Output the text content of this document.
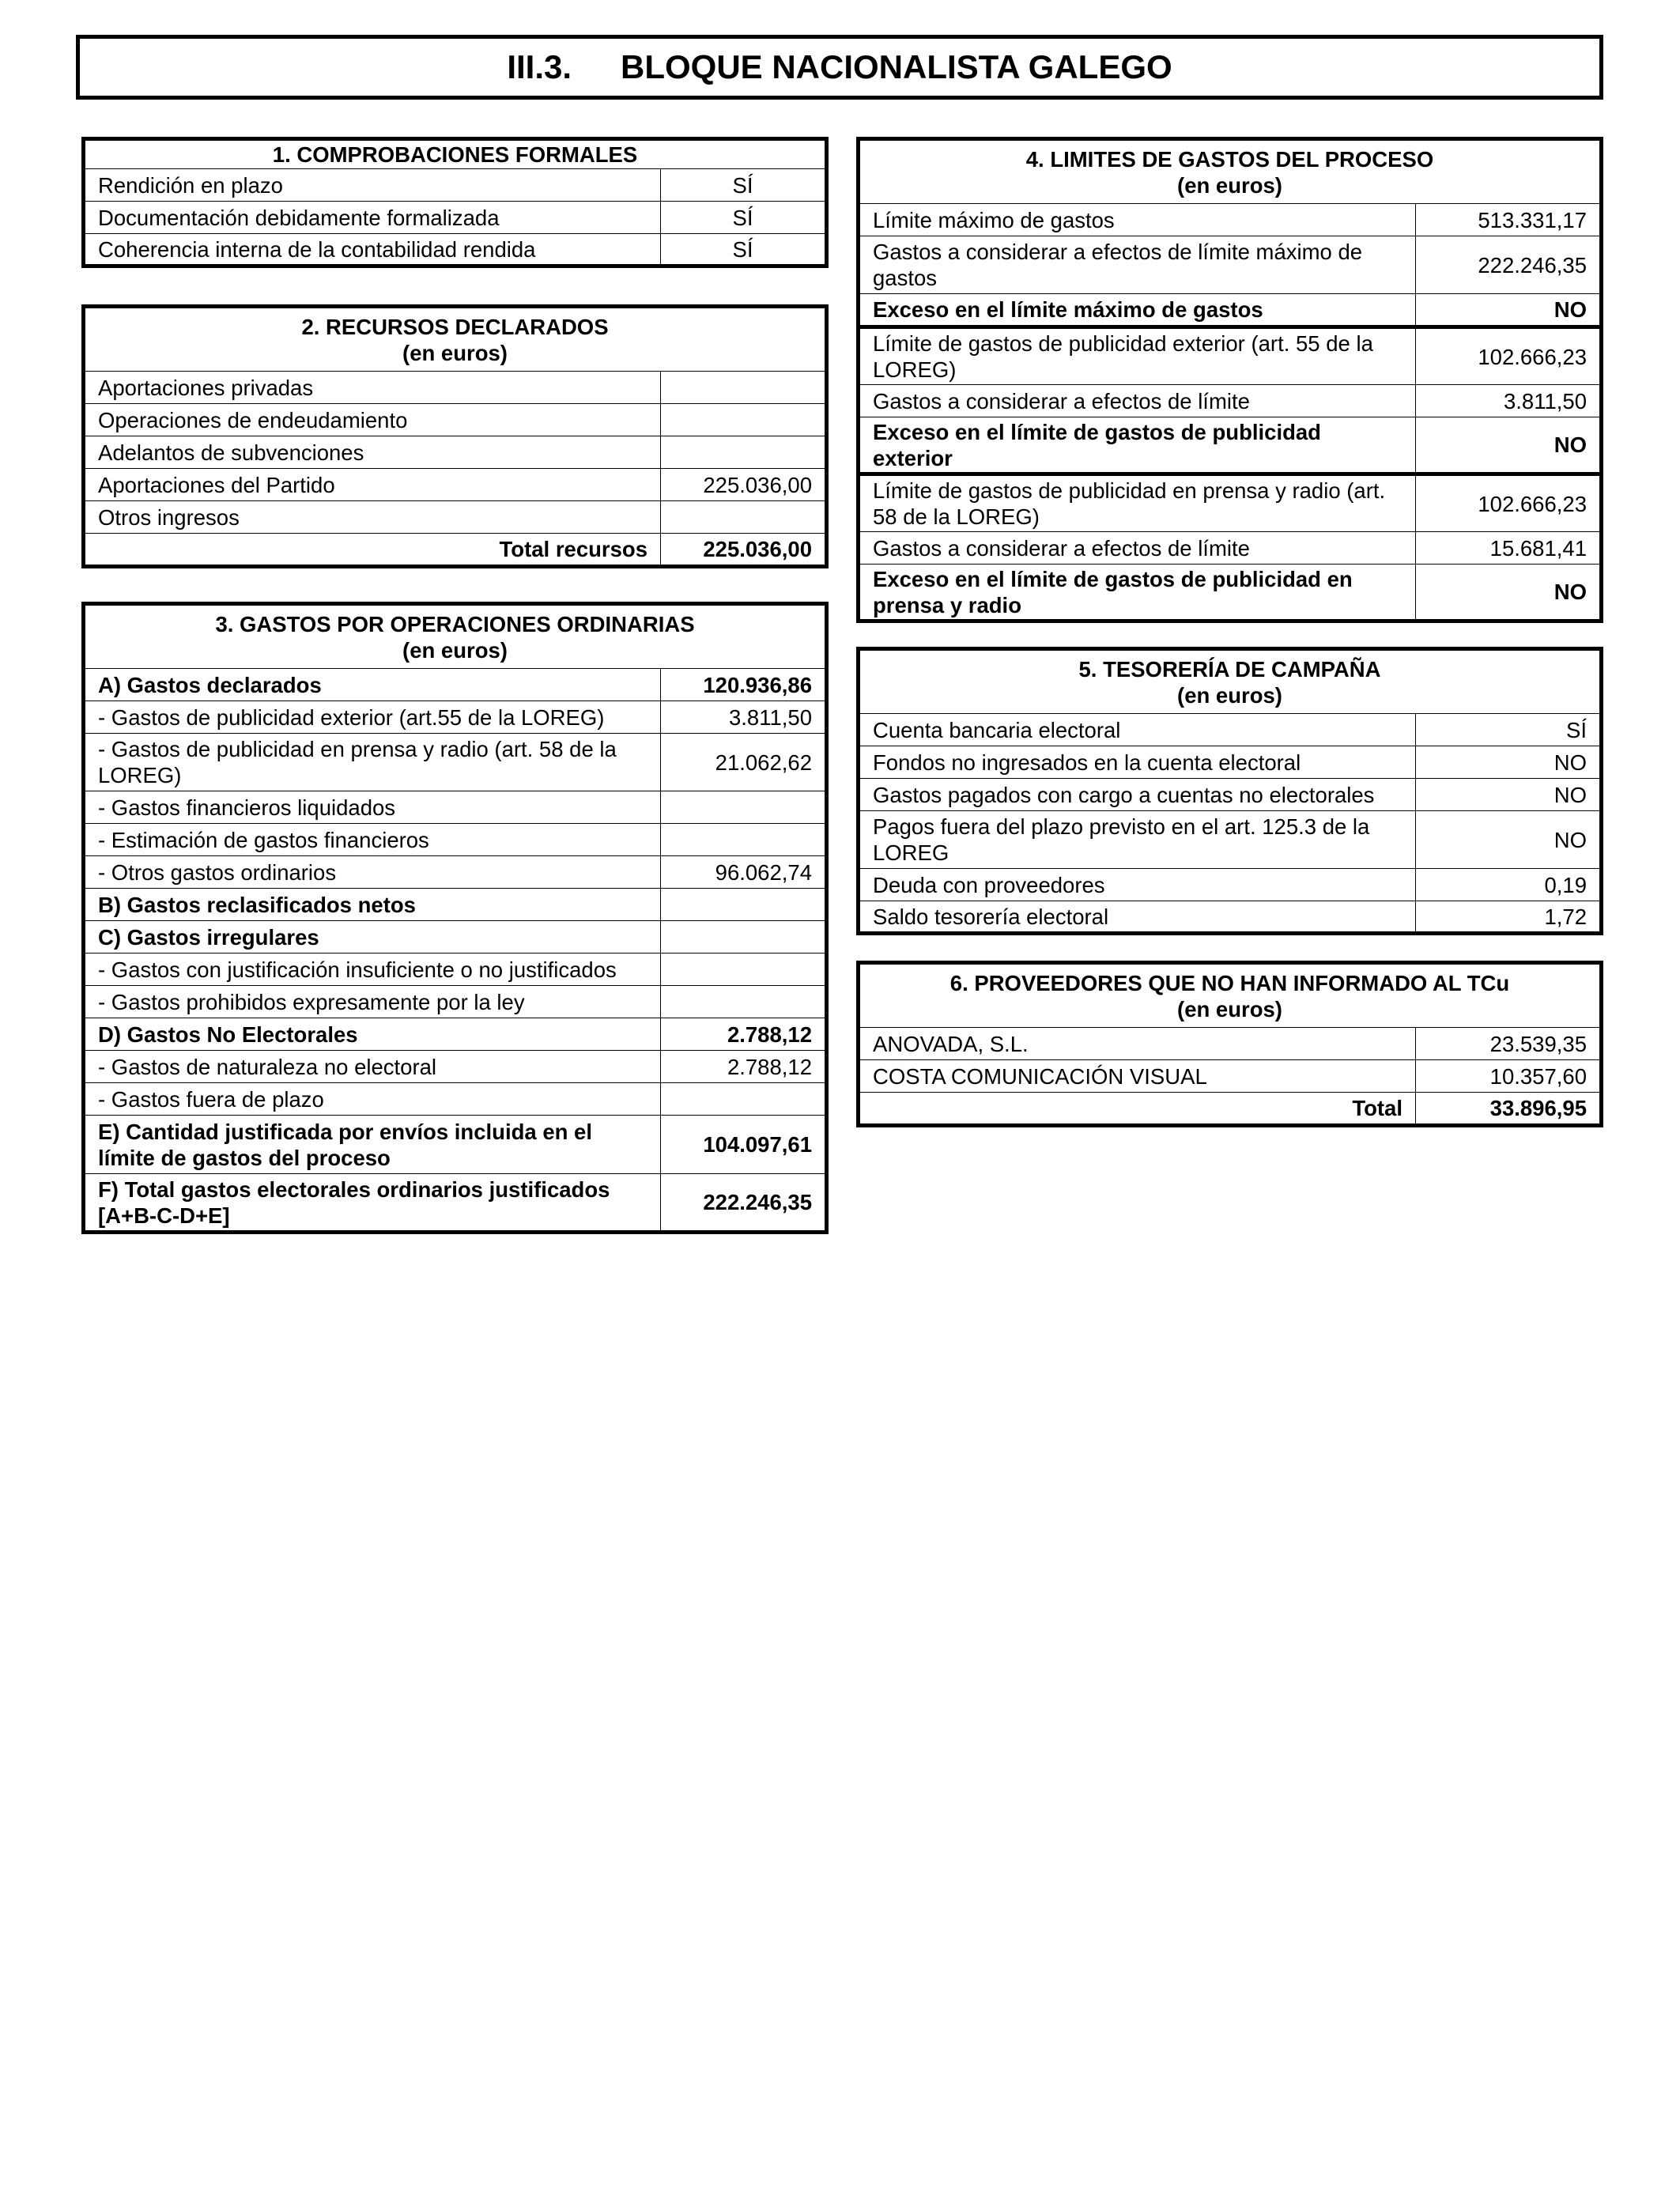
III.3. BLOQUE NACIONALISTA GALEGO
1. COMPROBACIONES FORMALES	
Rendición en plazo	SÍ
Documentación debidamente formalizada	SÍ
Coherencia interna de la contabilidad rendida	SÍ
2. RECURSOS DECLARADOS
(en euros)	

Aportaciones privadas	
Operaciones de endeudamiento	
Adelantos de subvenciones	
Aportaciones del Partido	225.036,00
Otros ingresos	
Total recursos	225.036,00
3. GASTOS POR OPERACIONES ORDINARIAS
(en euros)	

A) Gastos declarados	120.936,86
- Gastos de publicidad exterior (art.55 de la LOREG)	3.811,50
- Gastos de publicidad en prensa y radio (art. 58 de la LOREG)	21.062,62
- Gastos financieros liquidados	
- Estimación de gastos financieros	
- Otros gastos ordinarios	96.062,74
B) Gastos reclasificados netos	
C) Gastos irregulares	
- Gastos con justificación insuficiente o no justificados	
- Gastos prohibidos expresamente por la ley	
D) Gastos No Electorales	2.788,12
- Gastos de naturaleza no electoral	2.788,12
- Gastos fuera de plazo	
E) Cantidad justificada por envíos incluida en el límite de gastos del proceso	104.097,61
F) Total gastos electorales ordinarios justificados [A+B-C-D+E]	222.246,35
4. LIMITES DE GASTOS DEL PROCESO
(en euros)	

Límite máximo de gastos	513.331,17
Gastos a considerar a efectos de límite máximo de gastos	222.246,35
Exceso en el límite máximo de gastos	NO
Límite de gastos de publicidad exterior (art. 55 de la LOREG)	102.666,23
Gastos a considerar a efectos de límite	3.811,50
Exceso en el límite de gastos de publicidad exterior	NO
Límite de gastos de publicidad en prensa y radio (art. 58 de la LOREG)	102.666,23
Gastos a considerar a efectos de límite	15.681,41
Exceso en el límite de gastos de publicidad en prensa y radio	NO
5. TESORERÍA DE CAMPAÑA
(en euros)	

Cuenta bancaria electoral	SÍ
Fondos no ingresados en la cuenta electoral	NO
Gastos pagados con cargo a cuentas no electorales	NO
Pagos fuera del plazo previsto en el art. 125.3 de la LOREG	NO
Deuda con proveedores	0,19
Saldo tesorería electoral	1,72
6. PROVEEDORES QUE NO HAN INFORMADO AL TCu
(en euros)	

ANOVADA, S.L.	23.539,35
COSTA COMUNICACIÓN VISUAL	10.357,60
Total	33.896,95
